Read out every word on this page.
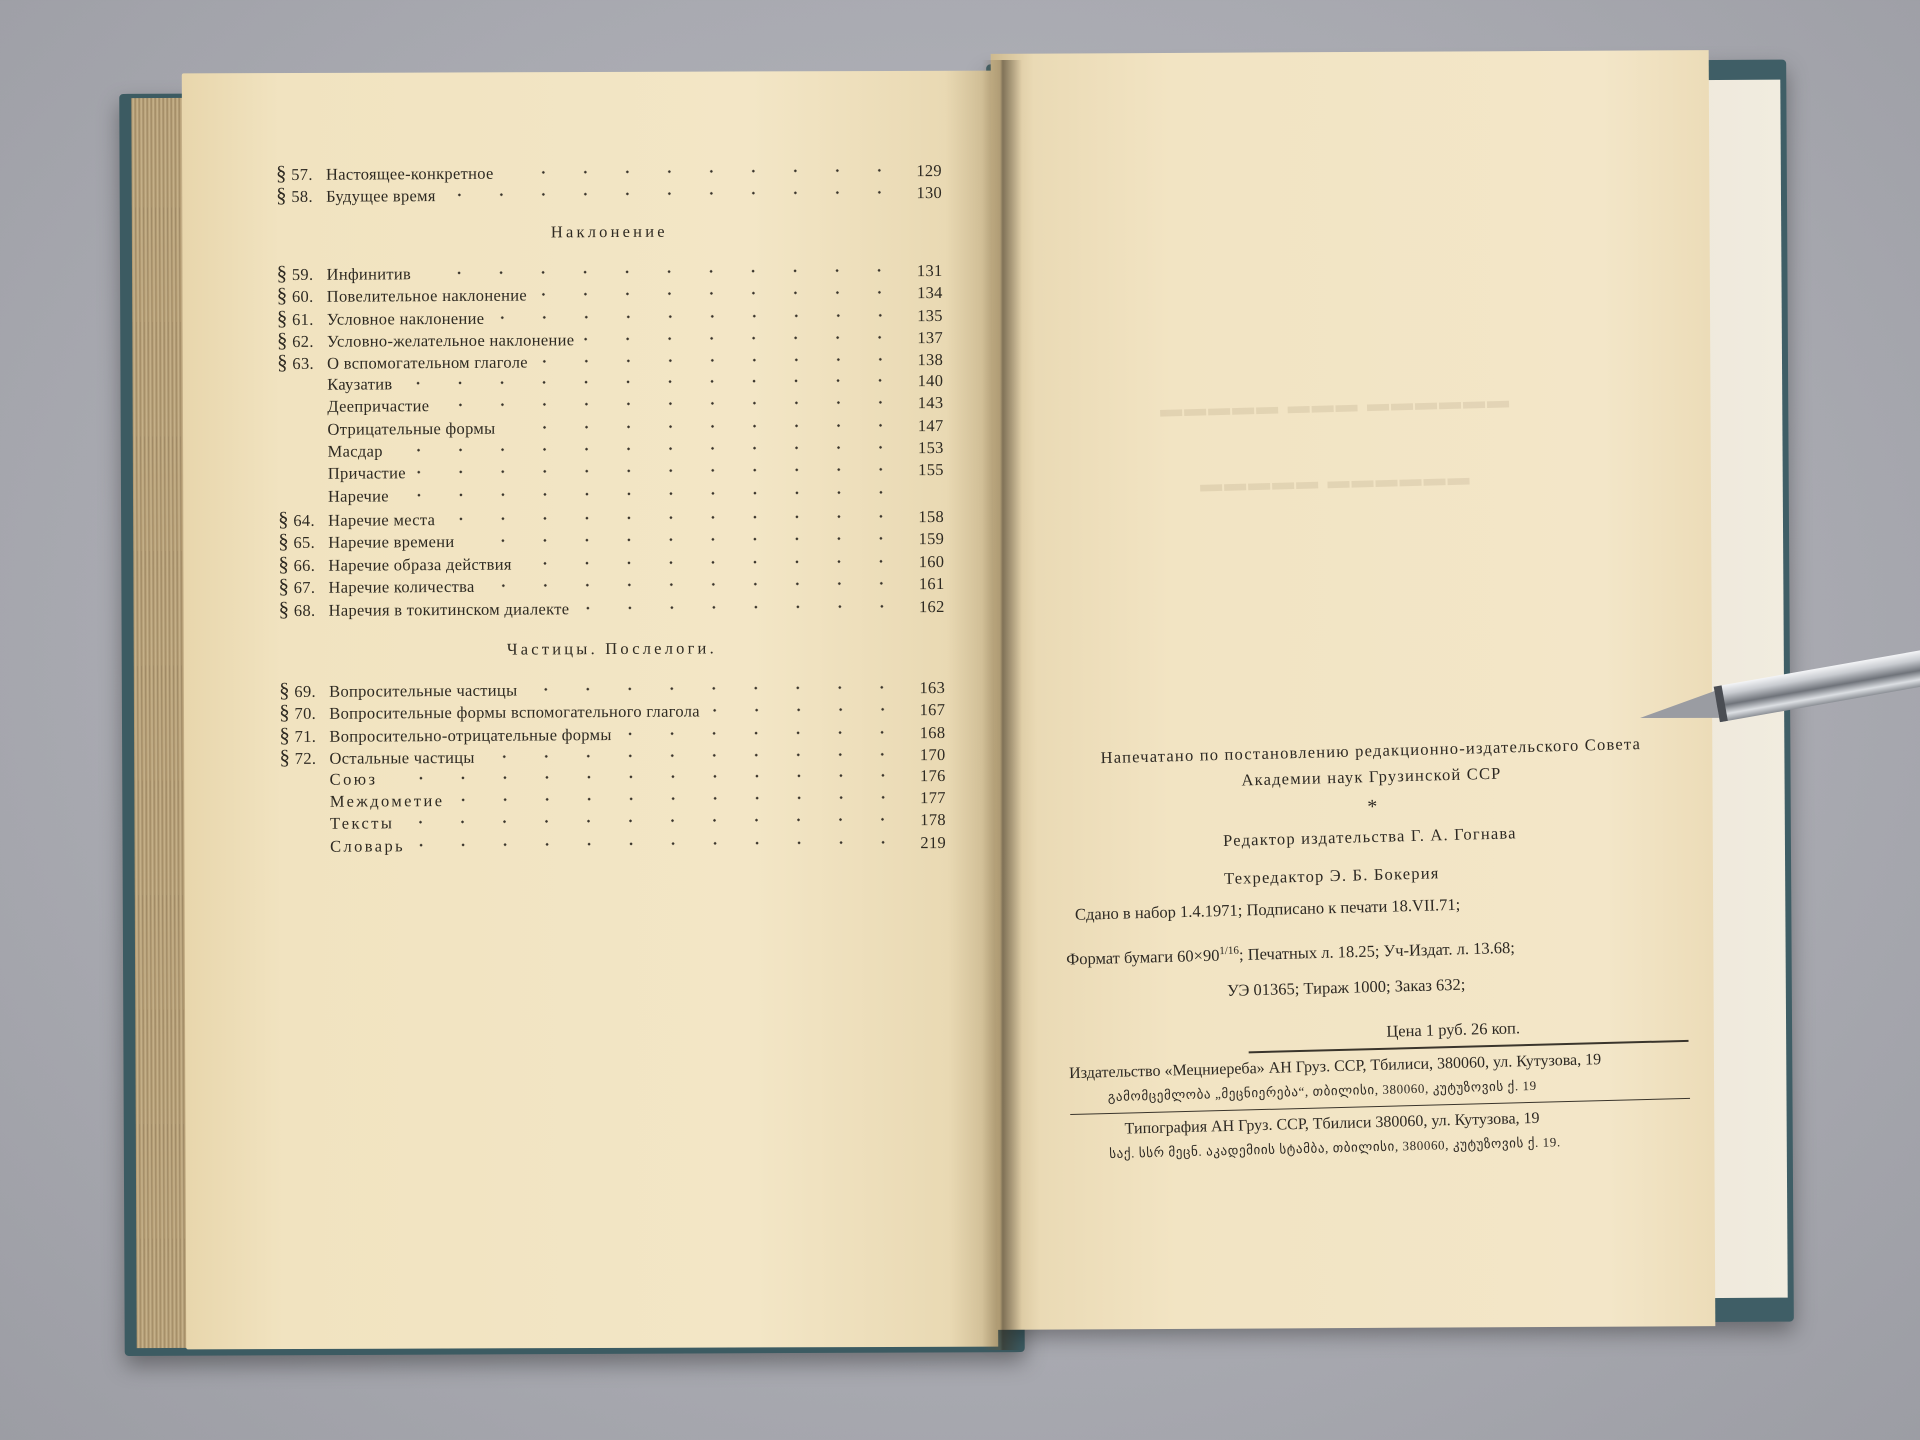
▬▬▬▬▬ ▬▬▬ ▬▬▬▬▬▬
▬▬▬▬▬ ▬▬▬▬▬▬
§ 57. Настоящее-конкретное	129
§ 58. Будущее время	130
Наклонение
§ 59. Инфинитив	131
§ 60. Повелительное наклонение	134
§ 61. Условное наклонение	135
§ 62. Условно-желательное наклонение	137
§ 63. О вспомогательном глаголе	138
Каузатив	140
Деепричастие	143
Отрицательные формы	147
Масдар	153
Причастие	155
Наречие
§ 64. Наречие места	158
§ 65. Наречие времени	159
§ 66. Наречие образа действия	160
§ 67. Наречие количества	161
§ 68. Наречия в токитинском диалекте	162
Частицы. Послелоги.
§ 69. Вопросительные частицы	163
§ 70. Вопросительные формы вспомогательного глагола	167
§ 71. Вопросительно-отрицательные формы	168
§ 72. Остальные частицы	170
Союз	176
Междометие	177
Тексты	178
Словарь	219
Напечатано по постановлению редакционно-издательского Совета
Академии наук Грузинской ССР
*
Редактор издательства Г. А. Гогнава
Техредактор Э. Б. Бокерия
Сдано в набор 1.4.1971; Подписано к печати 18.VII.71;
Формат бумаги $60\times 90^{1/16}$; Печатных л. 18.25; Уч-Издат. л. 13.68;
УЭ 01365; Тираж 1000; Заказ 632;
Цена 1 руб. 26 коп.
Издательство «Мецниереба» АН Груз. ССР, Тбилиси, 380060, ул. Кутузова, 19
გამომცემლობა „მეცნიერება“, თბილისი, 380060, კუტუზოვის ქ. 19
Типография АН Груз. ССР, Тбилиси 380060, ул. Кутузова, 19
საქ. სსრ მეცნ. აკადემიის სტამბა, თბილისი, 380060, კუტუზოვის ქ. 19.
